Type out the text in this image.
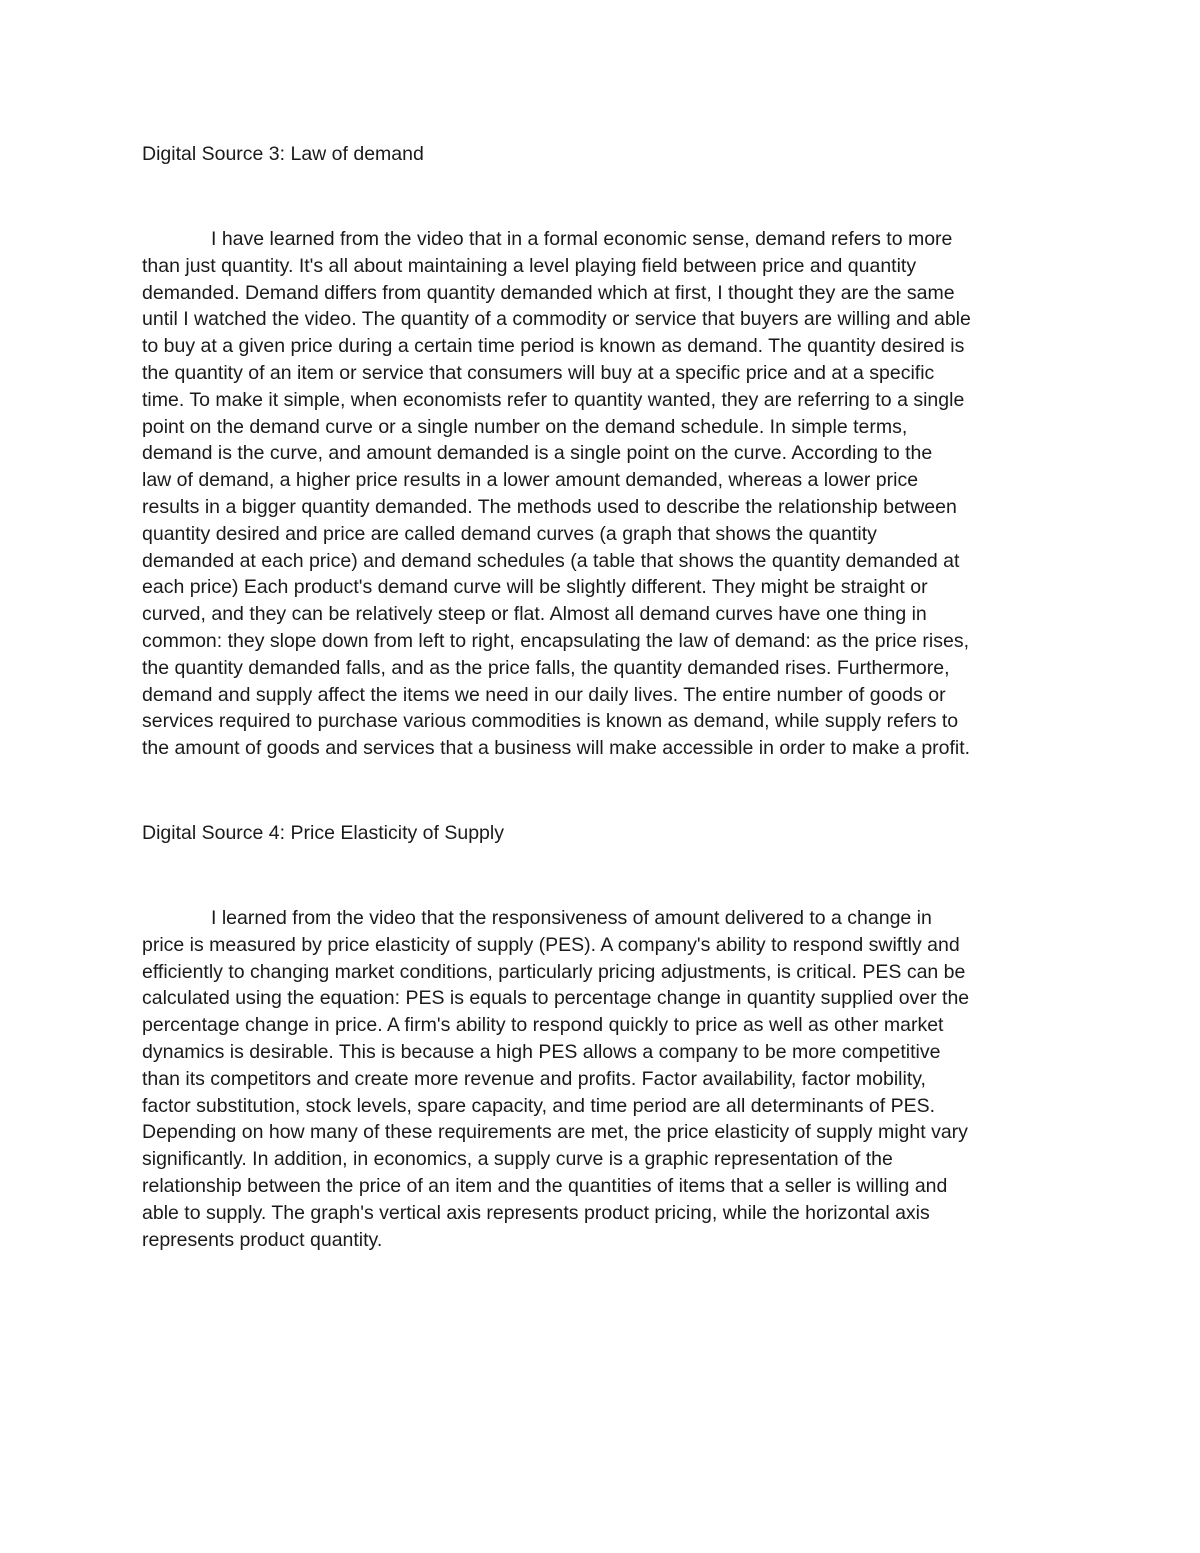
Digital Source 3: Law of demand
I have learned from the video that in a formal economic sense, demand refers to more
than just quantity. It's all about maintaining a level playing field between price and quantity
demanded. Demand differs from quantity demanded which at first, I thought they are the same
until I watched the video. The quantity of a commodity or service that buyers are willing and able
to buy at a given price during a certain time period is known as demand. The quantity desired is
the quantity of an item or service that consumers will buy at a specific price and at a specific
time. To make it simple, when economists refer to quantity wanted, they are referring to a single
point on the demand curve or a single number on the demand schedule. In simple terms,
demand is the curve, and amount demanded is a single point on the curve. According to the
law of demand, a higher price results in a lower amount demanded, whereas a lower price
results in a bigger quantity demanded. The methods used to describe the relationship between
quantity desired and price are called demand curves (a graph that shows the quantity
demanded at each price) and demand schedules (a table that shows the quantity demanded at
each price) Each product's demand curve will be slightly different. They might be straight or
curved, and they can be relatively steep or flat. Almost all demand curves have one thing in
common: they slope down from left to right, encapsulating the law of demand: as the price rises,
the quantity demanded falls, and as the price falls, the quantity demanded rises. Furthermore,
demand and supply affect the items we need in our daily lives. The entire number of goods or
services required to purchase various commodities is known as demand, while supply refers to
the amount of goods and services that a business will make accessible in order to make a profit.
Digital Source 4: Price Elasticity of Supply
I learned from the video that the responsiveness of amount delivered to a change in
price is measured by price elasticity of supply (PES). A company's ability to respond swiftly and
efficiently to changing market conditions, particularly pricing adjustments, is critical. PES can be
calculated using the equation: PES is equals to percentage change in quantity supplied over the
percentage change in price. A firm's ability to respond quickly to price as well as other market
dynamics is desirable. This is because a high PES allows a company to be more competitive
than its competitors and create more revenue and profits. Factor availability, factor mobility,
factor substitution, stock levels, spare capacity, and time period are all determinants of PES.
Depending on how many of these requirements are met, the price elasticity of supply might vary
significantly. In addition, in economics, a supply curve is a graphic representation of the
relationship between the price of an item and the quantities of items that a seller is willing and
able to supply. The graph's vertical axis represents product pricing, while the horizontal axis
represents product quantity.
